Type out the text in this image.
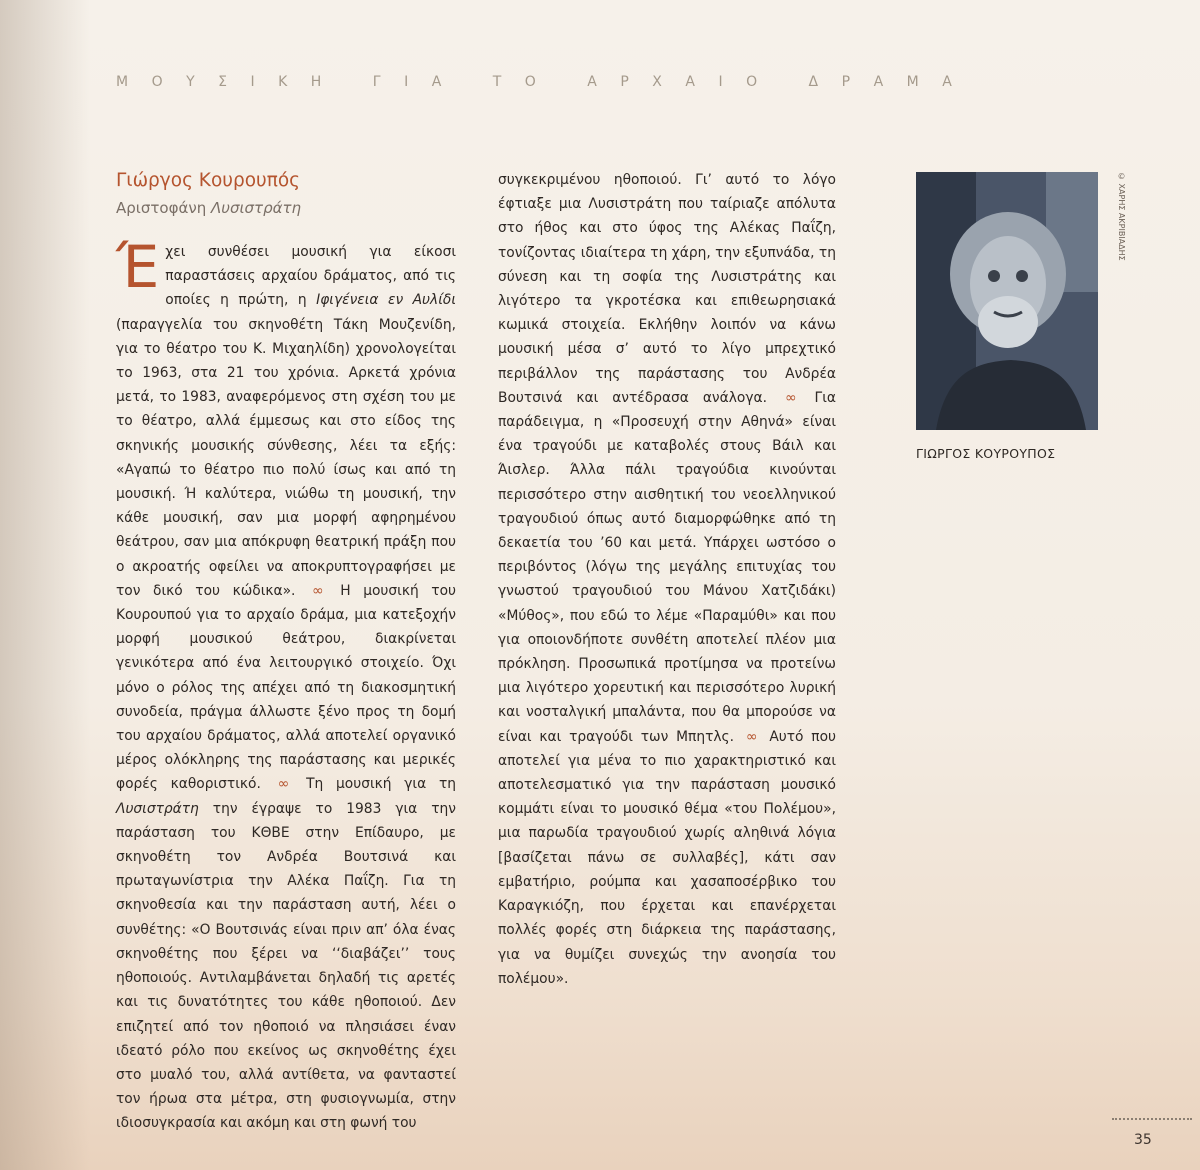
ΜΟΥΣΙΚΗ ΓΙΑ ΤΟ ΑΡΧΑΙΟ ΔΡΑΜΑ
Γιώργος Κουρουπός
Αριστοφάνη Λυσιστράτη
Έχει συνθέσει μουσική για είκοσι παραστάσεις αρχαίου δράματος, από τις οποίες η πρώτη, η Ιφιγένεια εν Αυλίδι (παραγγελία του σκηνοθέτη Τάκη Μουζενίδη, για το θέατρο του Κ. Μιχαηλίδη) χρονολογείται το 1963, στα 21 του χρόνια. Αρκετά χρόνια μετά, το 1983, αναφερόμενος στη σχέση του με το θέατρο, αλλά έμμεσως και στο είδος της σκηνικής μουσικής σύνθεσης, λέει τα εξής: «Αγαπώ το θέατρο πιο πολύ ίσως και από τη μουσική. Ή καλύτερα, νιώθω τη μουσική, την κάθε μουσική, σαν μια μορφή αφηρημένου θεάτρου, σαν μια απόκρυφη θεατρική πράξη που ο ακροατής οφείλει να αποκρυπτογραφήσει με τον δικό του κώδικα». ∞ Η μουσική του Κουρουπού για το αρχαίο δράμα, μια κατεξοχήν μορφή μουσικού θεάτρου, διακρίνεται γενικότερα από ένα λειτουργικό στοιχείο. Όχι μόνο ο ρόλος της απέχει από τη διακοσμητική συνοδεία, πράγμα άλλωστε ξένο προς τη δομή του αρχαίου δράματος, αλλά αποτελεί οργανικό μέρος ολόκληρης της παράστασης και μερικές φορές καθοριστικό. ∞ Τη μουσική για τη Λυσιστράτη την έγραψε το 1983 για την παράσταση του ΚΘΒΕ στην Επίδαυρο, με σκηνοθέτη τον Ανδρέα Βουτσινά και πρωταγωνίστρια την Αλέκα Παΐζη. Για τη σκηνοθεσία και την παράσταση αυτή, λέει ο συνθέτης: «Ο Βουτσινάς είναι πριν απ’ όλα ένας σκηνοθέτης που ξέρει να ‘‘διαβάζει’’ τους ηθοποιούς. Αντιλαμβάνεται δηλαδή τις αρετές και τις δυνατότητες του κάθε ηθοποιού. Δεν επιζητεί από τον ηθοποιό να πλησιάσει έναν ιδεατό ρόλο που εκείνος ως σκηνοθέτης έχει στο μυαλό του, αλλά αντίθετα, να φανταστεί τον ήρωα στα μέτρα, στη φυσιογνωμία, στην ιδιοσυγκρασία και ακόμη και στη φωνή του
συγκεκριμένου ηθοποιού. Γι’ αυτό το λόγο έφτιαξε μια Λυσιστράτη που ταίριαζε απόλυτα στο ήθος και στο ύφος της Αλέκας Παΐζη, τονίζοντας ιδιαίτερα τη χάρη, την εξυπνάδα, τη σύνεση και τη σοφία της Λυσιστράτης και λιγότερο τα γκροτέσκα και επιθεωρησιακά κωμικά στοιχεία. Εκλήθην λοιπόν να κάνω μουσική μέσα σ’ αυτό το λίγο μπρεχτικό περιβάλλον της παράστασης του Ανδρέα Βουτσινά και αντέδρασα ανάλογα. ∞ Για παράδειγμα, η «Προσευχή στην Αθηνά» είναι ένα τραγούδι με καταβολές στους Βάιλ και Άισλερ. Άλλα πάλι τραγούδια κινούνται περισσότερο στην αισθητική του νεοελληνικού τραγουδιού όπως αυτό διαμορφώθηκε από τη δεκαετία του ’60 και μετά. Υπάρχει ωστόσο ο περιβόντος (λόγω της μεγάλης επιτυχίας του γνωστού τραγουδιού του Μάνου Χατζιδάκι) «Μύθος», που εδώ το λέμε «Παραμύθι» και που για οποιονδήποτε συνθέτη αποτελεί πλέον μια πρόκληση. Προσωπικά προτίμησα να προτείνω μια λιγότερο χορευτική και περισσότερο λυρική και νοσταλγική μπαλάντα, που θα μπορούσε να είναι και τραγούδι των Μπητλς. ∞ Αυτό που αποτελεί για μένα το πιο χαρακτηριστικό και αποτελεσματικό για την παράσταση μουσικό κομμάτι είναι το μουσικό θέμα «του Πολέμου», μια παρωδία τραγουδιού χωρίς αληθινά λόγια [βασίζεται πάνω σε συλλαβές], κάτι σαν εμβατήριο, ρούμπα και χασαποσέρβικο του Καραγκιόζη, που έρχεται και επανέρχεται πολλές φορές στη διάρκεια της παράστασης, για να θυμίζει συνεχώς την ανοησία του πολέμου».
© ΧΑΡΗΣ ΑΚΡΙΒΙΑΔΗΣ
ΓΙΩΡΓΟΣ ΚΟΥΡΟΥΠΟΣ
35
